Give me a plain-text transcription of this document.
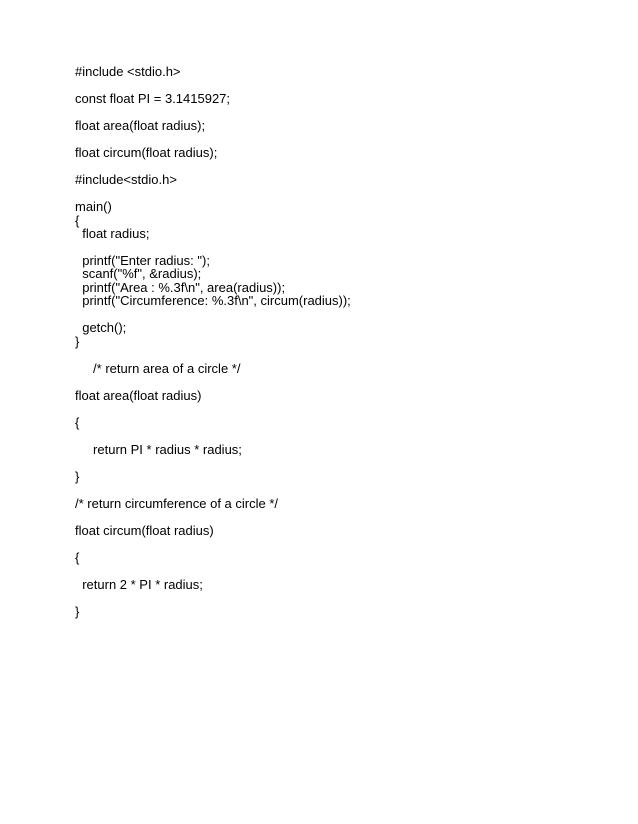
#include <stdio.h>

const float PI = 3.1415927;

float area(float radius);

float circum(float radius);

#include<stdio.h>

main()

{

float radius;

printf("Enter radius: ");

scanf("%f", &radius);

printf("Area : %.3f\n", area(radius));

printf("Circumference: %.3f\n", circum(radius));

getch();

}

/* return area of a circle */

float area(float radius)

{

return PI * radius * radius;

}

/* return circumference of a circle */

float circum(float radius)

{

return 2 * PI * radius;

}
